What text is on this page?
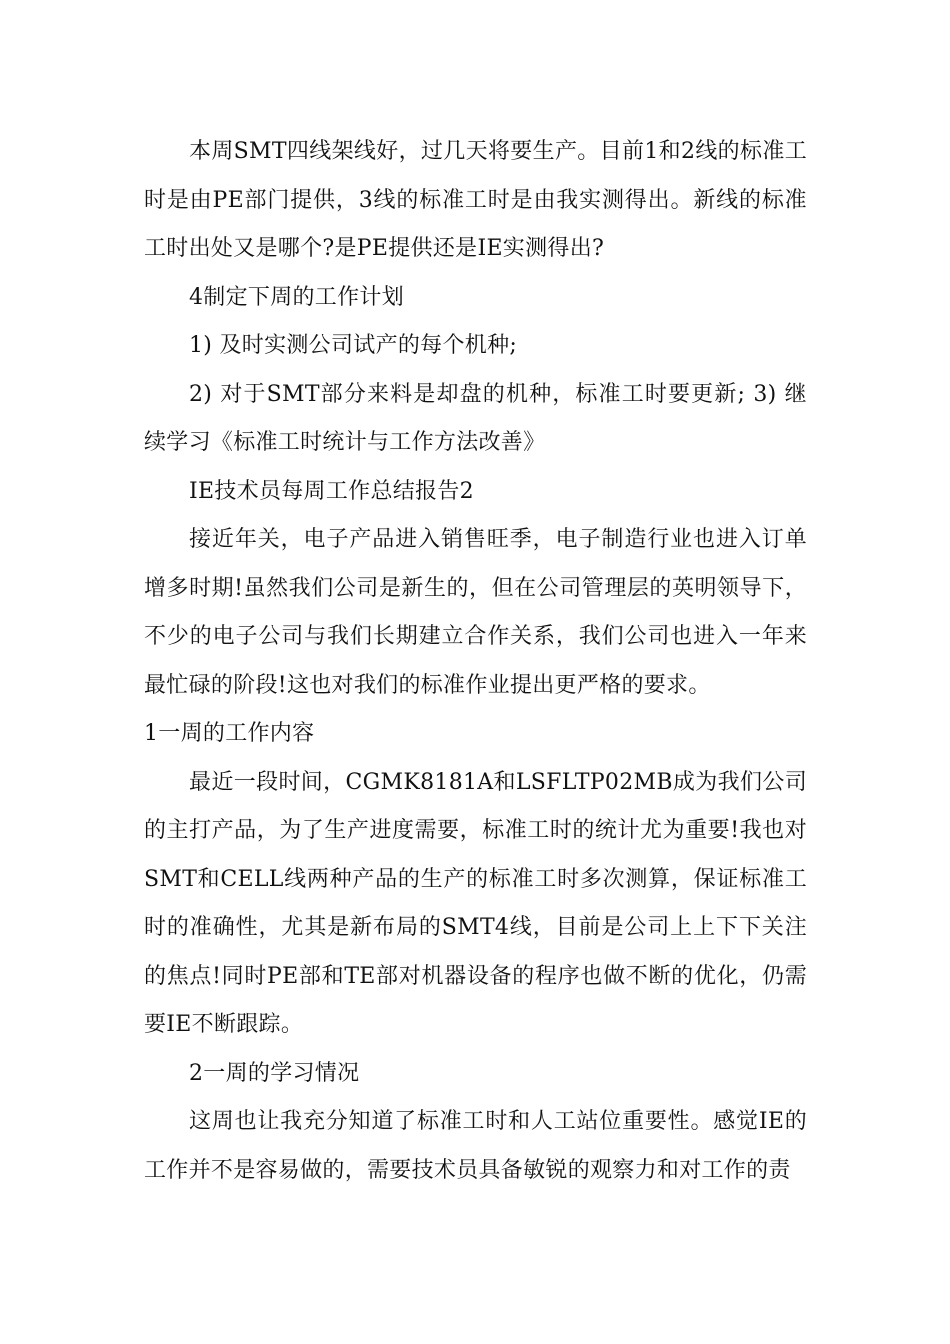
本周SMT四线架线好，过几天将要生产。目前1和2线的标准工时是由PE部门提供，3线的标准工时是由我实测得出。新线的标准工时出处又是哪个?是PE提供还是IE实测得出?

4制定下周的工作计划

1) 及时实测公司试产的每个机种;

2) 对于SMT部分来料是却盘的机种，标准工时要更新; 3) 继续学习《标准工时统计与工作方法改善》

IE技术员每周工作总结报告2

接近年关，电子产品进入销售旺季，电子制造行业也进入订单增多时期!虽然我们公司是新生的，但在公司管理层的英明领导下，不少的电子公司与我们长期建立合作关系，我们公司也进入一年来最忙碌的阶段!这也对我们的标准作业提出更严格的要求。

1一周的工作内容

最近一段时间，CGMK8181A和LSFLTP02MB成为我们公司的主打产品，为了生产进度需要，标准工时的统计尤为重要!我也对SMT和CELL线两种产品的生产的标准工时多次测算，保证标准工时的准确性，尤其是新布局的SMT4线，目前是公司上上下下关注的焦点!同时PE部和TE部对机器设备的程序也做不断的优化，仍需要IE不断跟踪。

2一周的学习情况

这周也让我充分知道了标准工时和人工站位重要性。感觉IE的工作并不是容易做的，需要技术员具备敏锐的观察力和对工作的责
